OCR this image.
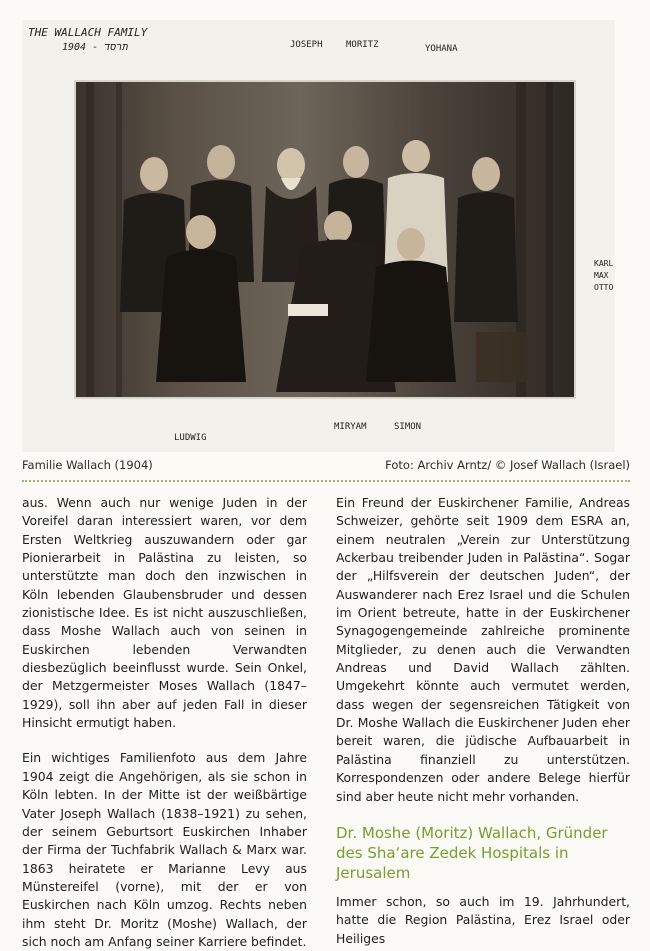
THE WALLACH FAMILY
1904 - תרסד	JOSEPH	MORITZ	YOHANA
KARL MAX OTTO
LUDWIG
MIRYAM	SIMON
Familie Wallach (1904)	Foto: Archiv Arntz/ © Josef Wallach (Israel)

aus. Wenn auch nur wenige Juden in der Voreifel daran interessiert waren, vor dem Ersten Weltkrieg auszuwandern oder gar Pionierarbeit in Palästina zu leisten, so unterstützte man doch den inzwischen in Köln lebenden Glaubensbruder und dessen zionistische Idee. Es ist nicht auszuschließen, dass Moshe Wallach auch von seinen in Euskirchen lebenden Verwandten diesbezüglich beeinflusst wurde. Sein Onkel, der Metzgermeister Moses Wallach (1847–1929), soll ihn aber auf jeden Fall in dieser Hinsicht ermutigt haben.

Ein wichtiges Familienfoto aus dem Jahre 1904 zeigt die Angehörigen, als sie schon in Köln lebten. In der Mitte ist der weißbärtige Vater Joseph Wallach (1838–1921) zu sehen, der seinem Geburtsort Euskirchen Inhaber der Firma der Tuchfabrik Wallach & Marx war. 1863 heiratete er Marianne Levy aus Münstereifel (vorne), mit der er von Euskirchen nach Köln umzog. Rechts neben ihm steht Dr. Moritz (Moshe) Wallach, der sich noch am Anfang seiner Karriere befindet.

Ein Freund der Euskirchener Familie, Andreas Schweizer, gehörte seit 1909 dem ESRA an, einem neutralen „Verein zur Unterstützung Ackerbau treibender Juden in Palästina“. Sogar der „Hilfsverein der deutschen Juden“, der Auswanderer nach Erez Israel und die Schulen im Orient betreute, hatte in der Euskirchener Synagogengemeinde zahlreiche prominente Mitglieder, zu denen auch die Verwandten Andreas und David Wallach zählten. Umgekehrt könnte auch vermutet werden, dass wegen der segensreichen Tätigkeit von Dr. Moshe Wallach die Euskirchener Juden eher bereit waren, die jüdische Aufbauarbeit in Palästina finanziell zu unterstützen. Korrespondenzen oder andere Belege hierfür sind aber heute nicht mehr vorhanden.

Dr. Moshe (Moritz) Wallach, Gründer des Sha‘are Zedek Hospitals in Jerusalem

Immer schon, so auch im 19. Jahrhundert, hatte die Region Palästina, Erez Israel oder Heiliges
